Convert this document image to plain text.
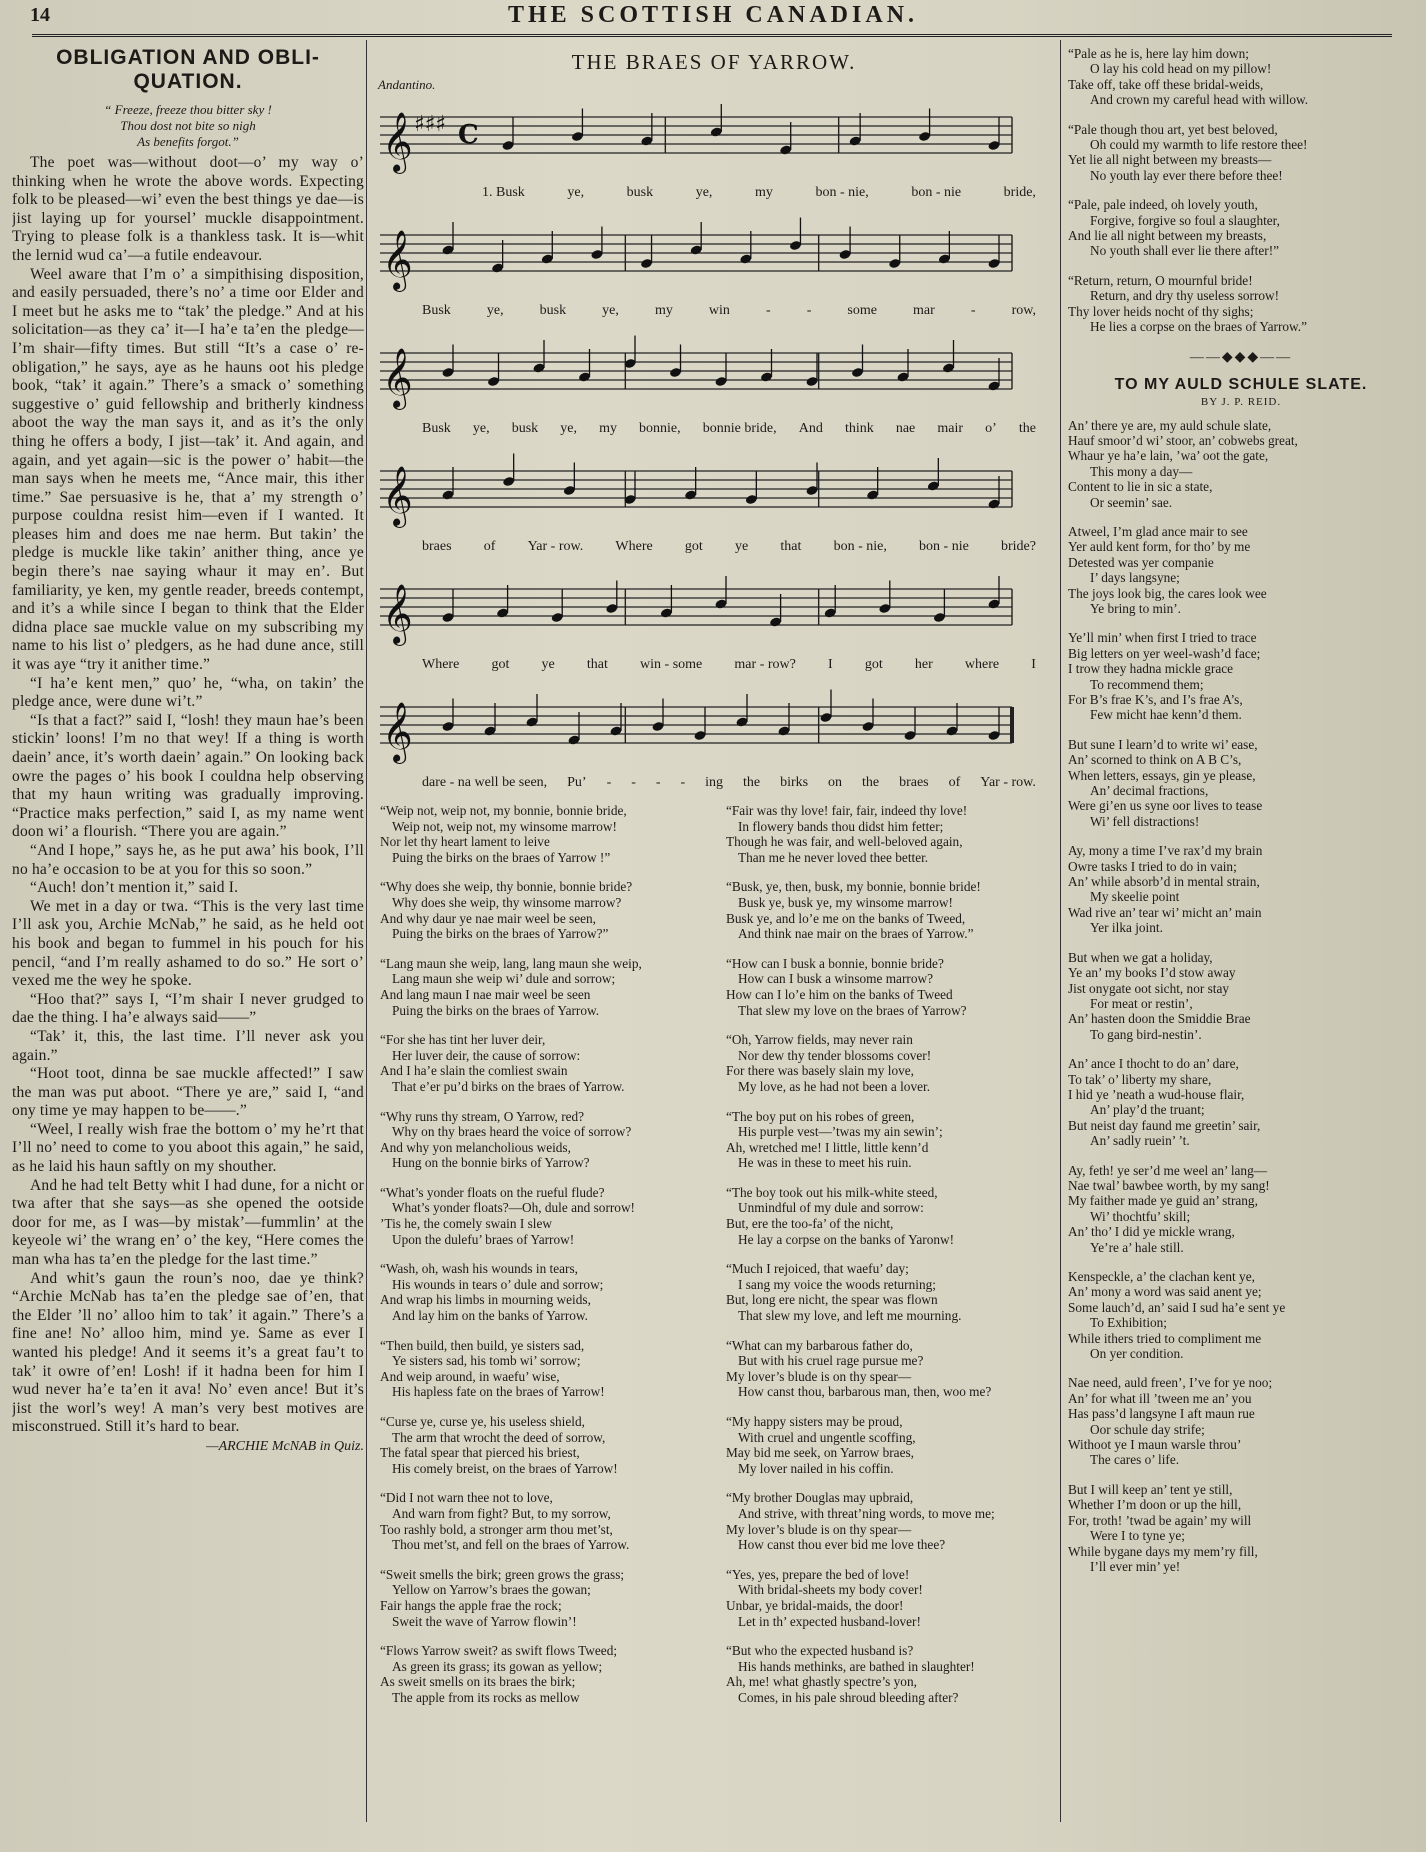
14	THE SCOTTISH CANADIAN.
OBLIGATION AND OBLI-QUATION.
“ Freeze, freeze thou bitter sky !
Thou dost not bite so nigh
As benefits forgot.”

The poet was—without doot—o’ my way o’ thinking when he wrote the above words. Expecting folk to be pleased—wi’ even the best things ye dae—is jist laying up for yoursel’ muckle disappointment. Trying to please folk is a thankless task. It is—whit the lernid wud ca’—a futile endeavour.

Weel aware that I’m o’ a simpithising disposition, and easily persuaded, there’s no’ a time oor Elder and I meet but he asks me to “tak’ the pledge.” And at his solicitation—as they ca’ it—I ha’e ta’en the pledge—I’m shair—fifty times. But still “It’s a case o’ re-obligation,” he says, aye as he hauns oot his pledge book, “tak’ it again.” There’s a smack o’ something suggestive o’ guid fellowship and britherly kindness aboot the way the man says it, and as it’s the only thing he offers a body, I jist—tak’ it. And again, and again, and yet again—sic is the power o’ habit—the man says when he meets me, “Ance mair, this ither time.” Sae persuasive is he, that a’ my strength o’ purpose couldna resist him—even if I wanted. It pleases him and does me nae herm. But takin’ the pledge is muckle like takin’ anither thing, ance ye begin there’s nae saying whaur it may en’. But familiarity, ye ken, my gentle reader, breeds contempt, and it’s a while since I began to think that the Elder didna place sae muckle value on my subscribing my name to his list o’ pledgers, as he had dune ance, still it was aye “try it anither time.”

“I ha’e kent men,” quo’ he, “wha, on takin’ the pledge ance, were dune wi’t.”

“Is that a fact?” said I, “losh! they maun hae’s been stickin’ loons! I’m no that wey! If a thing is worth daein’ ance, it’s worth daein’ again.” On looking back owre the pages o’ his book I couldna help observing that my haun writing was gradually improving. “Practice maks perfection,” said I, as my name went doon wi’ a flourish. “There you are again.”

“And I hope,” says he, as he put awa’ his book, I’ll no ha’e occasion to be at you for this so soon.”

“Auch! don’t mention it,” said I.

We met in a day or twa. “This is the very last time I’ll ask you, Archie McNab,” he said, as he held oot his book and began to fummel in his pouch for his pencil, “and I’m really ashamed to do so.” He sort o’ vexed me the wey he spoke.

“Hoo that?” says I, “I’m shair I never grudged to dae the thing. I ha’e always said——”

“Tak’ it, this, the last time. I’ll never ask you again.”

“Hoot toot, dinna be sae muckle affected!” I saw the man was put aboot. “There ye are,” said I, “and ony time ye may happen to be——.”

“Weel, I really wish frae the bottom o’ my he’rt that I’ll no’ need to come to you aboot this again,” he said, as he laid his haun saftly on my shouther.

And he had telt Betty whit I had dune, for a nicht or twa after that she says—as she opened the ootside door for me, as I was—by mistak’—fummlin’ at the keyeole wi’ the wrang en’ o’ the key, “Here comes the man wha has ta’en the pledge for the last time.”

And whit’s gaun the roun’s noo, dae ye think? “Archie McNab has ta’en the pledge sae of’en, that the Elder ’ll no’ alloo him to tak’ it again.” There’s a fine ane! No’ alloo him, mind ye. Same as ever I wanted his pledge! And it seems it’s a great fau’t to tak’ it owre of’en! Losh! if it hadna been for him I wud never ha’e ta’en it ava! No’ even ance! But it’s jist the worl’s wey! A man’s very best motives are misconstrued. Still it’s hard to bear.

—ARCHIE McNAB in Quiz.
THE BRAES OF YARROW.
Andantino.
𝄞 ♯♯♯ C
1. Busk	ye,	busk	ye,	my	bon - nie,	bon - nie	bride,
𝄞
Busk	ye,	busk	ye,	my	win	-	-	some	mar	-	row,
𝄞
Busk ye, busk ye, my bonnie, bonnie bride, And think nae mair o’ the
𝄞
braes of Yar - row. Where got ye that bon - nie, bon - nie bride?
𝄞
Where got ye that win - some mar - row? I got her where I
𝄞
dare - na well be seen, Pu’ - - - - ing the birks on the braes of Yar - row.
“Weip not, weip not, my bonnie, bonnie bride,
Weip not, weip not, my winsome marrow!
Nor let thy heart lament to leive
Puing the birks on the braes of Yarrow !”
“Why does she weip, thy bonnie, bonnie bride?
Why does she weip, thy winsome marrow?
And why daur ye nae mair weel be seen,
Puing the birks on the braes of Yarrow?”
“Lang maun she weip, lang, lang maun she weip,
Lang maun she weip wi’ dule and sorrow;
And lang maun I nae mair weel be seen
Puing the birks on the braes of Yarrow.
“For she has tint her luver deir,
Her luver deir, the cause of sorrow:
And I ha’e slain the comliest swain
That e’er pu’d birks on the braes of Yarrow.
“Why runs thy stream, O Yarrow, red?
Why on thy braes heard the voice of sorrow?
And why yon melancholious weids,
Hung on the bonnie birks of Yarrow?
“What’s yonder floats on the rueful flude?
What’s yonder floats?—Oh, dule and sorrow!
’Tis he, the comely swain I slew
Upon the dulefu’ braes of Yarrow!
“Wash, oh, wash his wounds in tears,
His wounds in tears o’ dule and sorrow;
And wrap his limbs in mourning weids,
And lay him on the banks of Yarrow.
“Then build, then build, ye sisters sad,
Ye sisters sad, his tomb wi’ sorrow;
And weip around, in waefu’ wise,
His hapless fate on the braes of Yarrow!
“Curse ye, curse ye, his useless shield,
The arm that wrocht the deed of sorrow,
The fatal spear that pierced his briest,
His comely breist, on the braes of Yarrow!
“Did I not warn thee not to love,
And warn from fight? But, to my sorrow,
Too rashly bold, a stronger arm thou met’st,
Thou met’st, and fell on the braes of Yarrow.
“Sweit smells the birk; green grows the grass;
Yellow on Yarrow’s braes the gowan;
Fair hangs the apple frae the rock;
Sweit the wave of Yarrow flowin’!
“Flows Yarrow sweit? as swift flows Tweed;
As green its grass; its gowan as yellow;
As sweit smells on its braes the birk;
The apple from its rocks as mellow
“Fair was thy love! fair, fair, indeed thy love!
In flowery bands thou didst him fetter;
Though he was fair, and well-beloved again,
Than me he never loved thee better.
“Busk, ye, then, busk, my bonnie, bonnie bride!
Busk ye, busk ye, my winsome marrow!
Busk ye, and lo’e me on the banks of Tweed,
And think nae mair on the braes of Yarrow.”
“How can I busk a bonnie, bonnie bride?
How can I busk a winsome marrow?
How can I lo’e him on the banks of Tweed
That slew my love on the braes of Yarrow?
“Oh, Yarrow fields, may never rain
Nor dew thy tender blossoms cover!
For there was basely slain my love,
My love, as he had not been a lover.
“The boy put on his robes of green,
His purple vest—’twas my ain sewin’;
Ah, wretched me! I little, little kenn’d
He was in these to meet his ruin.
“The boy took out his milk-white steed,
Unmindful of my dule and sorrow:
But, ere the too-fa’ of the nicht,
He lay a corpse on the banks of Yaronw!
“Much I rejoiced, that waefu’ day;
I sang my voice the woods returning;
But, long ere nicht, the spear was flown
That slew my love, and left me mourning.
“What can my barbarous father do,
But with his cruel rage pursue me?
My lover’s blude is on thy spear—
How canst thou, barbarous man, then, woo me?
“My happy sisters may be proud,
With cruel and ungentle scoffing,
May bid me seek, on Yarrow braes,
My lover nailed in his coffin.
“My brother Douglas may upbraid,
And strive, with threat’ning words, to move me;
My lover’s blude is on thy spear—
How canst thou ever bid me love thee?
“Yes, yes, prepare the bed of love!
With bridal-sheets my body cover!
Unbar, ye bridal-maids, the door!
Let in th’ expected husband-lover!
“But who the expected husband is?
His hands methinks, are bathed in slaughter!
Ah, me! what ghastly spectre’s yon,
Comes, in his pale shroud bleeding after?
“Pale as he is, here lay him down;
O lay his cold head on my pillow!
Take off, take off these bridal-weids,
And crown my careful head with willow.
“Pale though thou art, yet best beloved,
Oh could my warmth to life restore thee!
Yet lie all night between my breasts—
No youth lay ever there before thee!
“Pale, pale indeed, oh lovely youth,
Forgive, forgive so foul a slaughter,
And lie all night between my breasts,
No youth shall ever lie there after!”
“Return, return, O mournful bride!
Return, and dry thy useless sorrow!
Thy lover heids nocht of thy sighs;
He lies a corpse on the braes of Yarrow.”
——◆◆◆——
TO MY AULD SCHULE SLATE.
BY J. P. REID.
An’ there ye are, my auld schule slate,
Hauf smoor’d wi’ stoor, an’ cobwebs great,
Whaur ye ha’e lain, ’wa’ oot the gate,
This mony a day—
Content to lie in sic a state,
Or seemin’ sae.
Atweel, I’m glad ance mair to see
Yer auld kent form, for tho’ by me
Detested was yer companie
I’ days langsyne;
The joys look big, the cares look wee
Ye bring to min’.
Ye’ll min’ when first I tried to trace
Big letters on yer weel-wash’d face;
I trow they hadna mickle grace
To recommend them;
For B’s frae K’s, and I’s frae A’s,
Few micht hae kenn’d them.
But sune I learn’d to write wi’ ease,
An’ scorned to think on A B C’s,
When letters, essays, gin ye please,
An’ decimal fractions,
Were gi’en us syne oor lives to tease
Wi’ fell distractions!
Ay, mony a time I’ve rax’d my brain
Owre tasks I tried to do in vain;
An’ while absorb’d in mental strain,
My skeelie point
Wad rive an’ tear wi’ micht an’ main
Yer ilka joint.
But when we gat a holiday,
Ye an’ my books I’d stow away
Jist onygate oot sicht, nor stay
For meat or restin’,
An’ hasten doon the Smiddie Brae
To gang bird-nestin’.
An’ ance I thocht to do an’ dare,
To tak’ o’ liberty my share,
I hid ye ’neath a wud-house flair,
An’ play’d the truant;
But neist day faund me greetin’ sair,
An’ sadly ruein’ ’t.
Ay, feth! ye ser’d me weel an’ lang—
Nae twal’ bawbee worth, by my sang!
My faither made ye guid an’ strang,
Wi’ thochtfu’ skill;
An’ tho’ I did ye mickle wrang,
Ye’re a’ hale still.
Kenspeckle, a’ the clachan kent ye,
An’ mony a word was said anent ye;
Some lauch’d, an’ said I sud ha’e sent ye
To Exhibition;
While ithers tried to compliment me
On yer condition.
Nae need, auld freen’, I’ve for ye noo;
An’ for what ill ’tween me an’ you
Has pass’d langsyne I aft maun rue
Oor schule day strife;
Withoot ye I maun warsle throu’
The cares o’ life.
But I will keep an’ tent ye still,
Whether I’m doon or up the hill,
For, troth! ’twad be again’ my will
Were I to tyne ye;
While bygane days my mem’ry fill,
I’ll ever min’ ye!
